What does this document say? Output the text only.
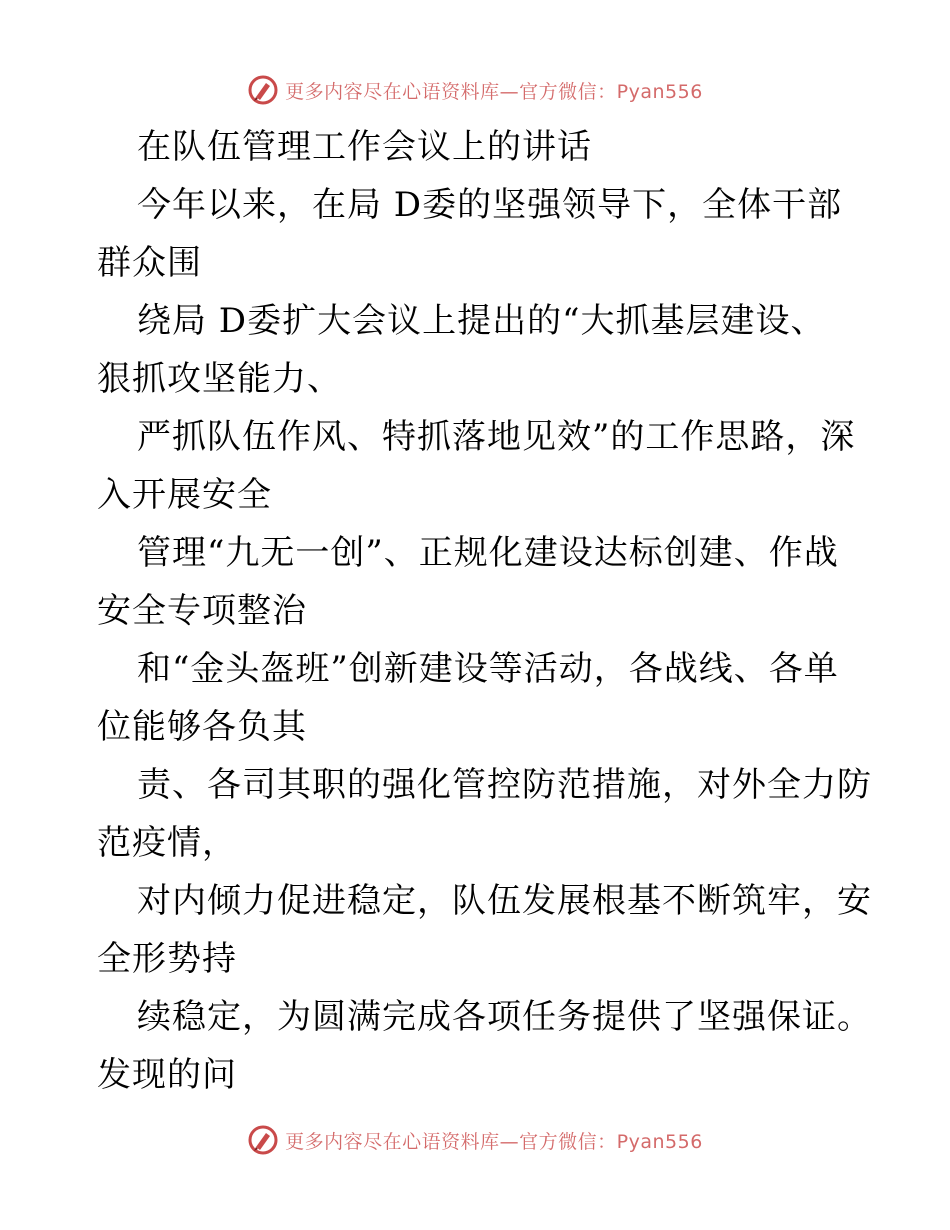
更多内容尽在心语资料库—官方微信：Pyan556
在队伍管理工作会议上的讲话
今年以来，在局 D委的坚强领导下，全体干部
群众围
绕局 D委扩大会议上提出的“大抓基层建设、
狠抓攻坚能力、
严抓队伍作风、特抓落地见效”的工作思路，深
入开展安全
管理“九无一创”、正规化建设达标创建、作战
安全专项整治
和“金头盔班”创新建设等活动，各战线、各单
位能够各负其
责、各司其职的强化管控防范措施，对外全力防
范疫情，
对内倾力促进稳定，队伍发展根基不断筑牢，安
全形势持
续稳定，为圆满完成各项任务提供了坚强保证。
发现的问
更多内容尽在心语资料库—官方微信：Pyan556
